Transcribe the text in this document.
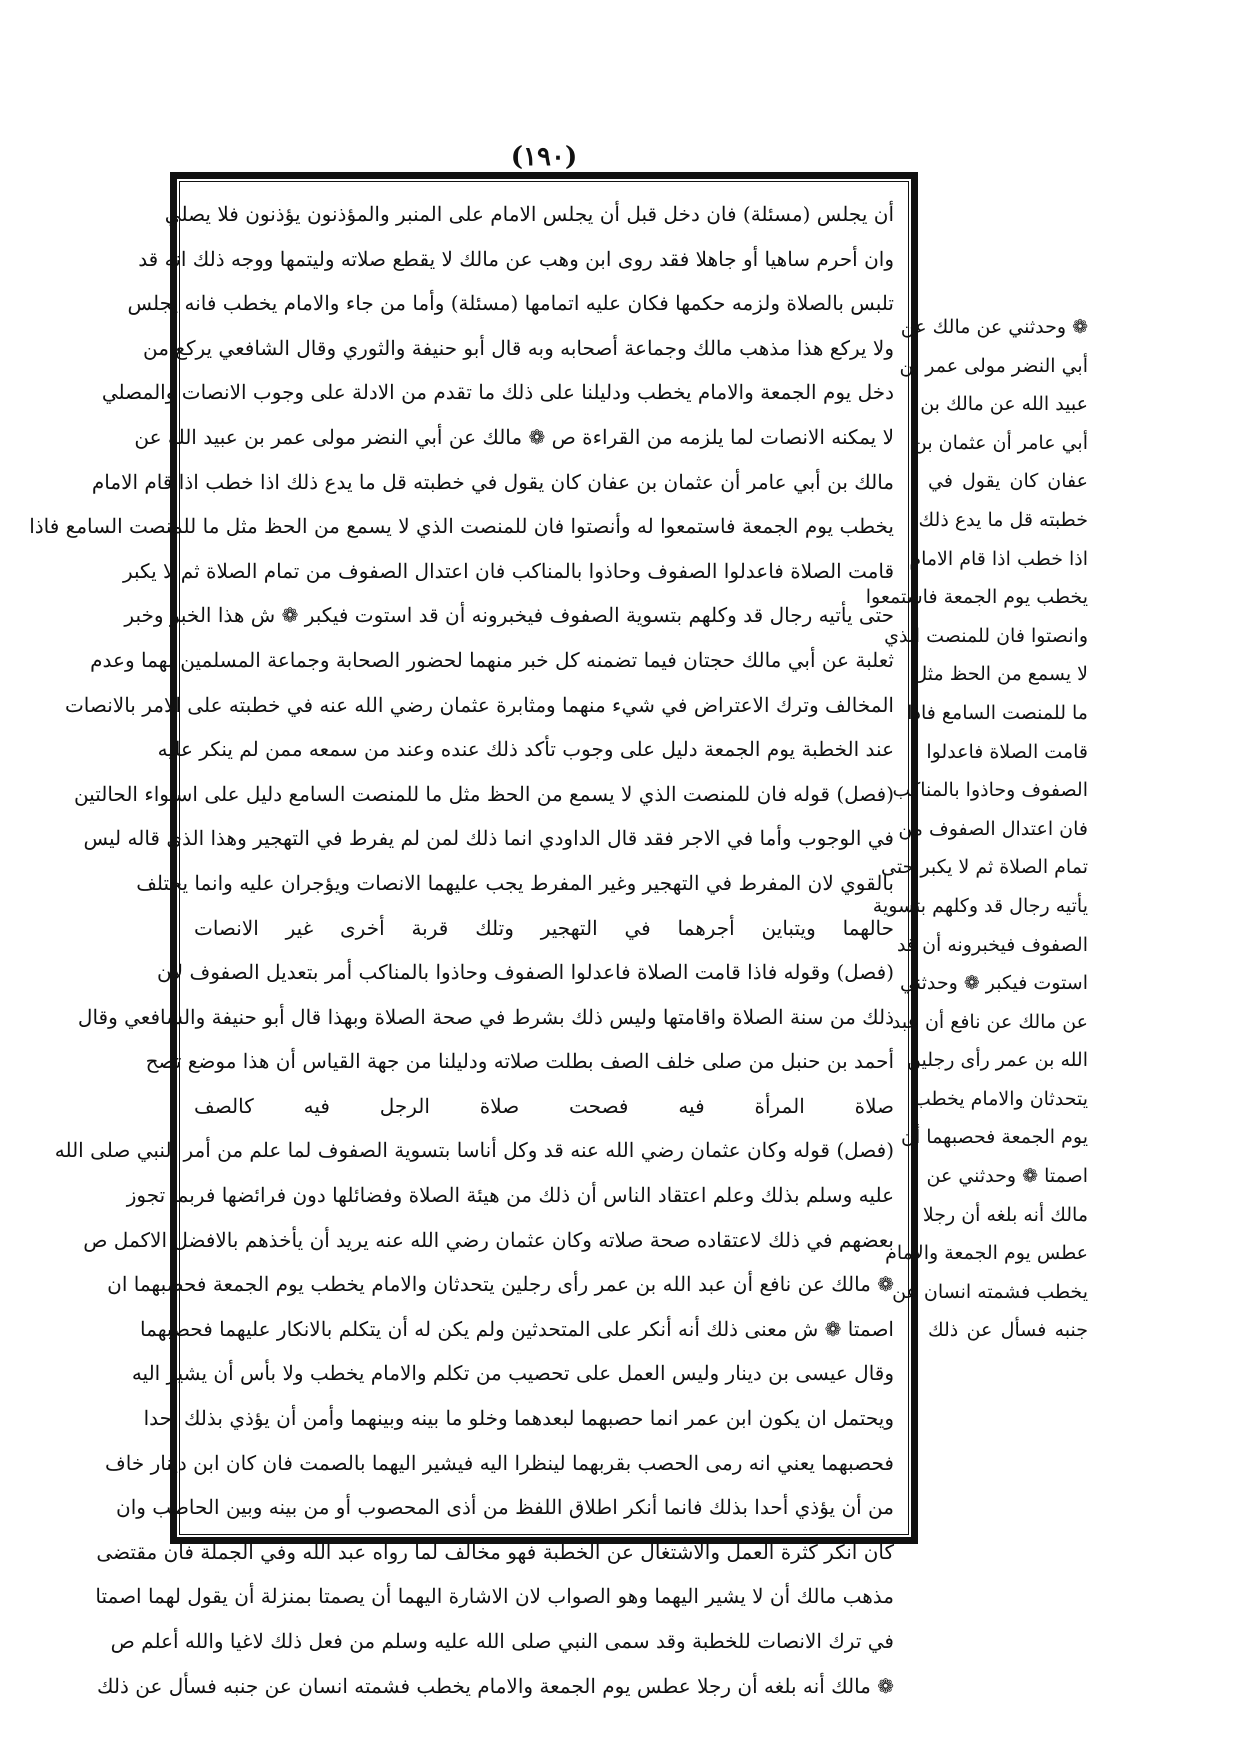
(١٩٠)
أن يجلس (مسئلة) فان دخل قبل أن يجلس الامام على المنبر والمؤذنون يؤذنون فلا يصلي
وان أحرم ساهيا أو جاهلا فقد روى ابن وهب عن مالك لا يقطع صلاته وليتمها ووجه ذلك انه قد
تلبس بالصلاة ولزمه حكمها فكان عليه اتمامها (مسئلة) وأما من جاء والامام يخطب فانه يجلس
ولا يركع هذا مذهب مالك وجماعة أصحابه وبه قال أبو حنيفة والثوري وقال الشافعي يركع من
دخل يوم الجمعة والامام يخطب ودليلنا على ذلك ما تقدم من الادلة على وجوب الانصات والمصلي
لا يمكنه الانصات لما يلزمه من القراءة ص ❁ مالك عن أبي النضر مولى عمر بن عبيد الله عن
مالك بن أبي عامر أن عثمان بن عفان كان يقول في خطبته قل ما يدع ذلك اذا خطب اذا قام الامام
يخطب يوم الجمعة فاستمعوا له وأنصتوا فان للمنصت الذي لا يسمع من الحظ مثل ما للمنصت السامع فاذا
قامت الصلاة فاعدلوا الصفوف وحاذوا بالمناكب فان اعتدال الصفوف من تمام الصلاة ثم لا يكبر
حتى يأتيه رجال قد وكلهم بتسوية الصفوف فيخبرونه أن قد استوت فيكبر ❁ ش هذا الخبر وخبر
ثعلبة عن أبي مالك حجتان فيما تضمنه كل خبر منهما لحضور الصحابة وجماعة المسلمين لهما وعدم
المخالف وترك الاعتراض في شيء منهما ومثابرة عثمان رضي الله عنه في خطبته على الامر بالانصات
عند الخطبة يوم الجمعة دليل على وجوب تأكد ذلك عنده وعند من سمعه ممن لم ينكر عليه
(فصل) قوله فان للمنصت الذي لا يسمع من الحظ مثل ما للمنصت السامع دليل على استواء الحالتين
في الوجوب وأما في الاجر فقد قال الداودي انما ذلك لمن لم يفرط في التهجير وهذا الذي قاله ليس
بالقوي لان المفرط في التهجير وغير المفرط يجب عليهما الانصات ويؤجران عليه وانما يختلف
حالهما ويتباين أجرهما في التهجير وتلك قربة أخرى غير الانصات
(فصل) وقوله فاذا قامت الصلاة فاعدلوا الصفوف وحاذوا بالمناكب أمر بتعديل الصفوف لان
ذلك من سنة الصلاة واقامتها وليس ذلك بشرط في صحة الصلاة وبهذا قال أبو حنيفة والشافعي وقال
أحمد بن حنبل من صلى خلف الصف بطلت صلاته ودليلنا من جهة القياس أن هذا موضع تصح
صلاة المرأة فيه فصحت صلاة الرجل فيه كالصف
(فصل) قوله وكان عثمان رضي الله عنه قد وكل أناسا بتسوية الصفوف لما علم من أمر النبي صلى الله
عليه وسلم بذلك وعلم اعتقاد الناس أن ذلك من هيئة الصلاة وفضائلها دون فرائضها فربما تجوز
بعضهم في ذلك لاعتقاده صحة صلاته وكان عثمان رضي الله عنه يريد أن يأخذهم بالافضل الاكمل ص
❁ مالك عن نافع أن عبد الله بن عمر رأى رجلين يتحدثان والامام يخطب يوم الجمعة فحصبهما ان
اصمتا ❁ ش معنى ذلك أنه أنكر على المتحدثين ولم يكن له أن يتكلم بالانكار عليهما فحصبهما
وقال عيسى بن دينار وليس العمل على تحصيب من تكلم والامام يخطب ولا بأس أن يشير اليه
ويحتمل ان يكون ابن عمر انما حصبهما لبعدهما وخلو ما بينه وبينهما وأمن أن يؤذي بذلك أحدا
فحصبهما يعني انه رمى الحصب بقربهما لينظرا اليه فيشير اليهما بالصمت فان كان ابن دينار خاف
من أن يؤذي أحدا بذلك فانما أنكر اطلاق اللفظ من أذى المحصوب أو من بينه وبين الحاصب وان
كان أنكر كثرة العمل والاشتغال عن الخطبة فهو مخالف لما رواه عبد الله وفي الجملة فان مقتضى
مذهب مالك أن لا يشير اليهما وهو الصواب لان الاشارة اليهما أن يصمتا بمنزلة أن يقول لهما اصمتا
في ترك الانصات للخطبة وقد سمى النبي صلى الله عليه وسلم من فعل ذلك لاغيا والله أعلم ص
❁ مالك أنه بلغه أن رجلا عطس يوم الجمعة والامام يخطب فشمته انسان عن جنبه فسأل عن ذلك
❁ وحدثني عن مالك عن
أبي النضر مولى عمر بن
عبيد الله عن مالك بن
أبي عامر أن عثمان بن
عفان كان يقول في
خطبته قل ما يدع ذلك
اذا خطب اذا قام الامام
يخطب يوم الجمعة فاستمعوا
وانصتوا فان للمنصت الذي
لا يسمع من الحظ مثل
ما للمنصت السامع فاذا
قامت الصلاة فاعدلوا
الصفوف وحاذوا بالمناكب
فان اعتدال الصفوف من
تمام الصلاة ثم لا يكبر حتى
يأتيه رجال قد وكلهم بتسوية
الصفوف فيخبرونه أن قد
استوت فيكبر ❁ وحدثني
عن مالك عن نافع أن عبد
الله بن عمر رأى رجلين
يتحدثان والامام يخطب
يوم الجمعة فحصبهما أن
اصمتا ❁ وحدثني عن
مالك أنه بلغه أن رجلا
عطس يوم الجمعة والامام
يخطب فشمته انسان عن
جنبه فسأل عن ذلك
